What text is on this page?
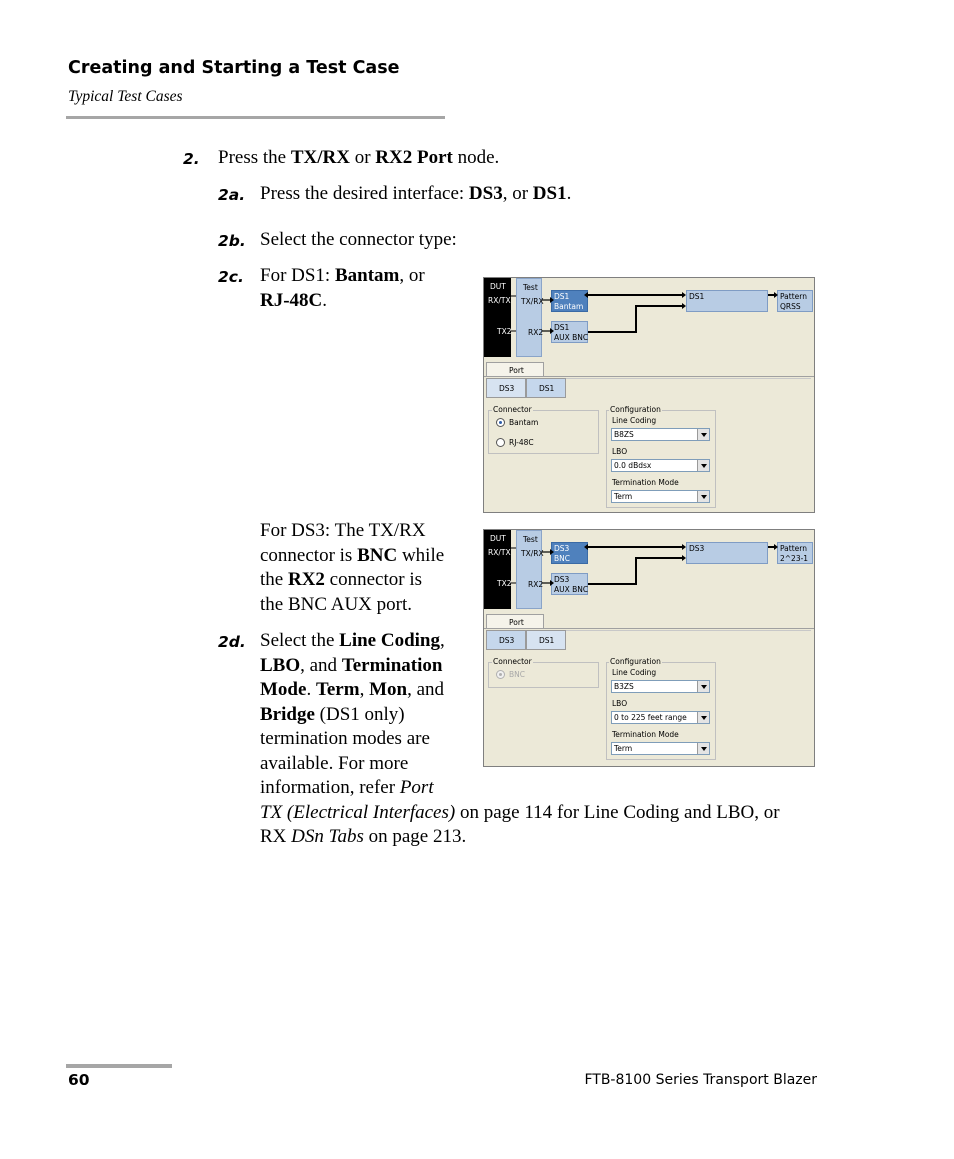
Creating and Starting a Test Case
Typical Test Cases
2. Press the TX/RX or RX2 Port node.
2a. Press the desired interface: DS3, or DS1.
2b. Select the connector type:
2c. For DS1: Bantam, or
RJ-48C.
For DS3: The TX/RX
connector is BNC while
the RX2 connector is
the BNC AUX port.
2d. Select the Line Coding,
LBO, and Termination
Mode. Term, Mon, and
Bridge (DS1 only)
termination modes are
available. For more
information, refer Port
TX (Electrical Interfaces) on page 114 for Line Coding and LBO, or
RX DSn Tabs on page 213.
DUT
RX/TX
TX2
Test
TX/RX
RX2
DS1
Bantam
DS1
AUX BNC
DS1	Pattern
QRSS
Port
DS3	DS1
Connector
Bantam
RJ-48C
Configuration
Line Coding
B8ZS
LBO
0.0 dBdsx
Termination Mode
Term
DUT
RX/TX
TX2
Test
TX/RX
RX2
DS3
BNC
DS3
AUX BNC
DS3	Pattern
2^23-1
Port
DS3	DS1
Connector
BNC
Configuration
Line Coding
B3ZS
LBO
0 to 225 feet range
Termination Mode
Term
60	FTB-8100 Series Transport Blazer
